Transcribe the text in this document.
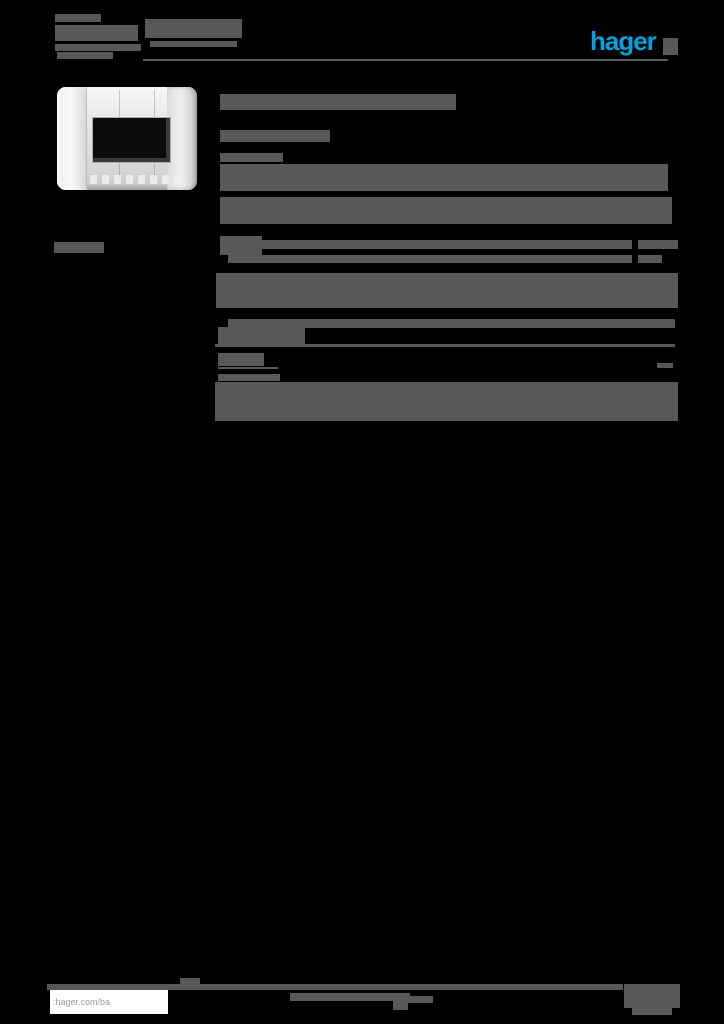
hager
:hager.com/ba
